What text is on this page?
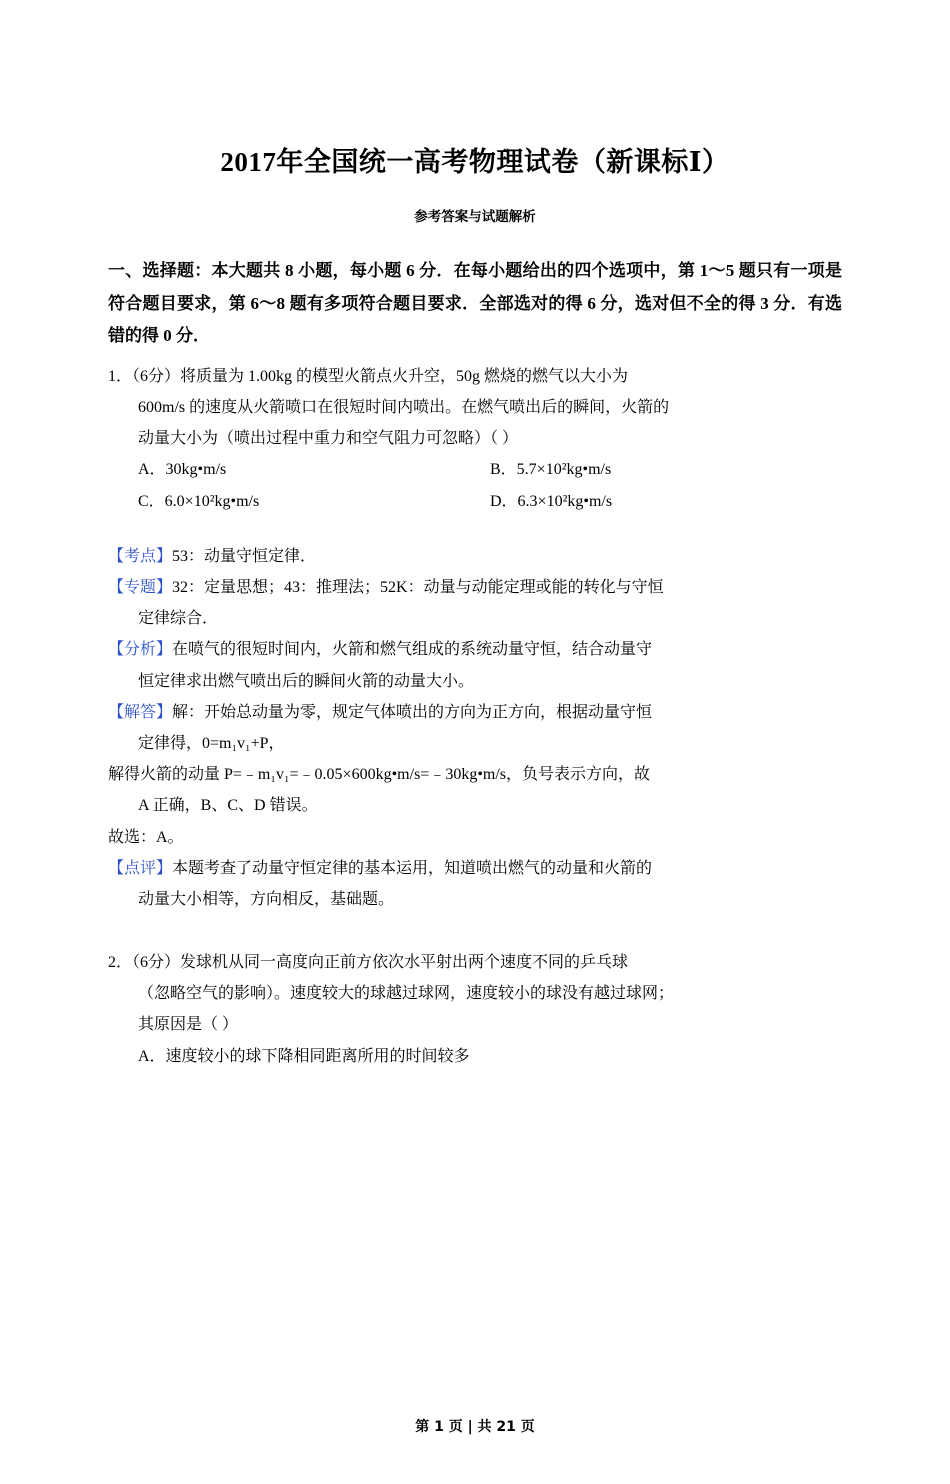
2017年全国统一高考物理试卷（新课标Ⅰ）
参考答案与试题解析
一、选择题：本大题共 8 小题，每小题 6 分．在每小题给出的四个选项中，第 1～5 题只有一项是符合题目要求，第 6～8 题有多项符合题目要求．全部选对的得 6 分，选对但不全的得 3 分．有选错的得 0 分．
1．（6分）将质量为 1.00kg 的模型火箭点火升空，50g 燃烧的燃气以大小为
600m/s 的速度从火箭喷口在很短时间内喷出。在燃气喷出后的瞬间，火箭的
动量大小为（喷出过程中重力和空气阻力可忽略）（ ）
A．30kg•m/s	B．5.7×10²kg•m/s
C．6.0×10²kg•m/s	D．6.3×10²kg•m/s
【考点】53：动量守恒定律．
【专题】32：定量思想；43：推理法；52K：动量与动能定理或能的转化与守恒
定律综合．
【分析】在喷气的很短时间内，火箭和燃气组成的系统动量守恒，结合动量守
恒定律求出燃气喷出后的瞬间火箭的动量大小。
【解答】解：开始总动量为零，规定气体喷出的方向为正方向，根据动量守恒
定律得，0=m₁v₁+P，
解得火箭的动量 P=﹣m₁v₁=﹣0.05×600kg•m/s=﹣30kg•m/s，负号表示方向，故
A 正确，B、C、D 错误。
故选：A。
【点评】本题考查了动量守恒定律的基本运用，知道喷出燃气的动量和火箭的
动量大小相等，方向相反，基础题。
2．（6分）发球机从同一高度向正前方依次水平射出两个速度不同的乒乓球
（忽略空气的影响）。速度较大的球越过球网，速度较小的球没有越过球网；
其原因是（ ）
A．速度较小的球下降相同距离所用的时间较多
第 1 页 | 共 21 页
